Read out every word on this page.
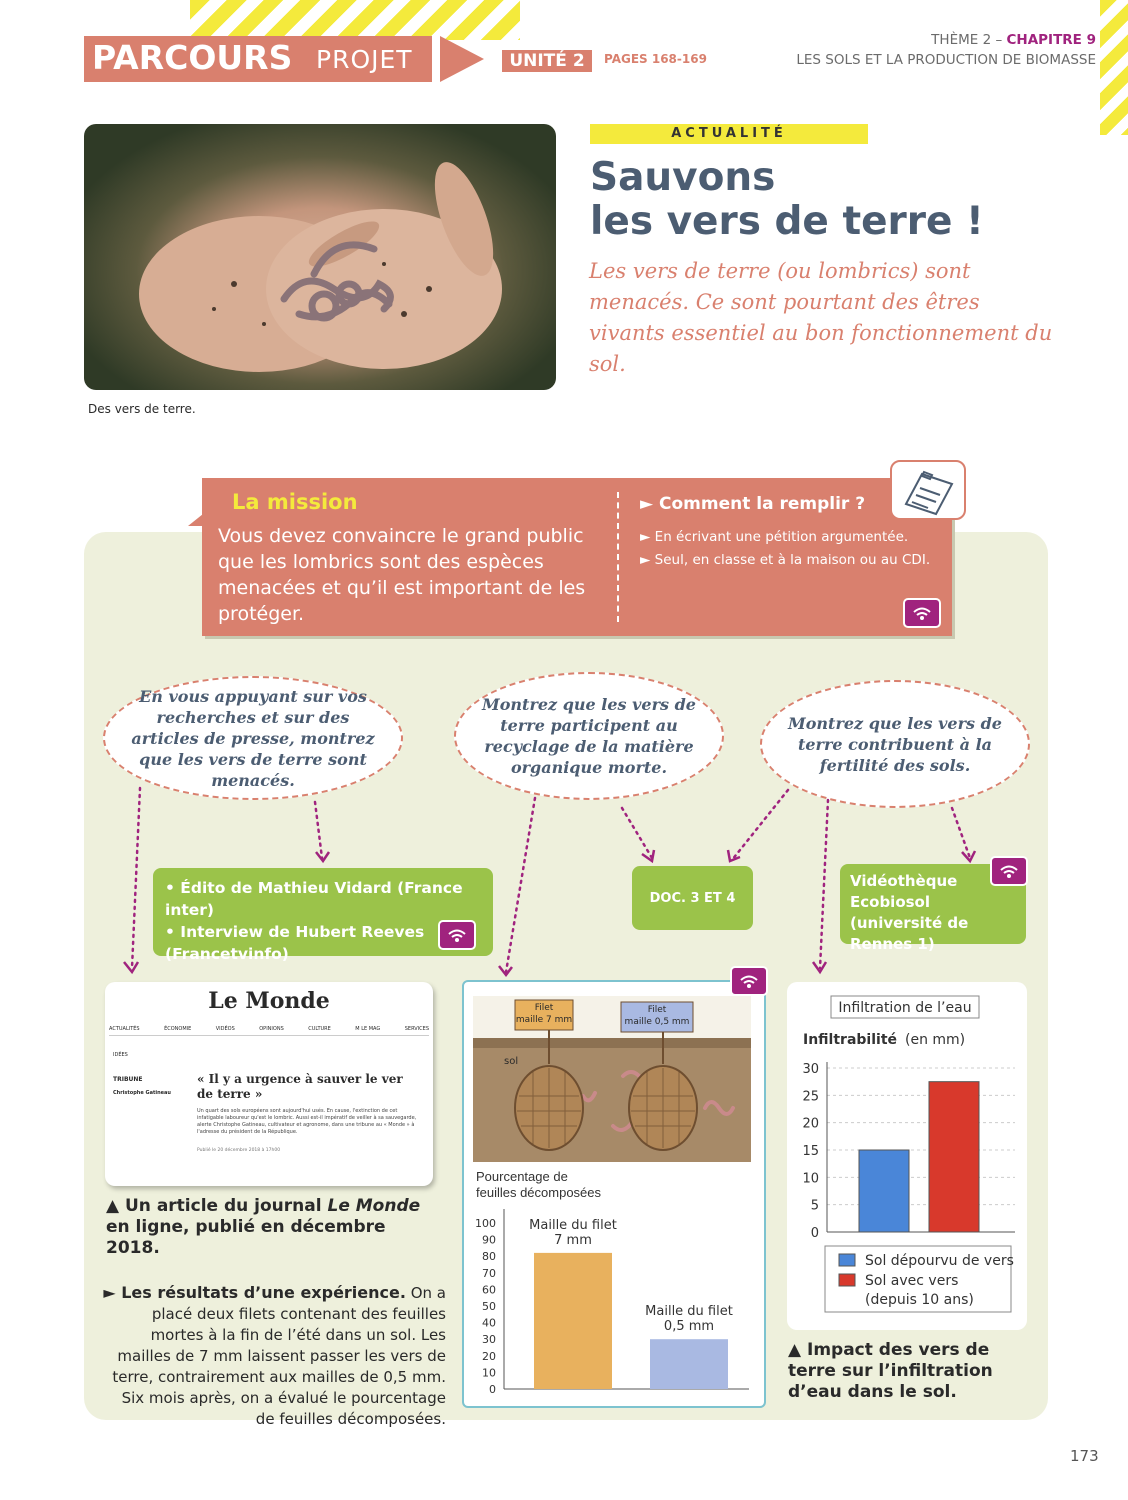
PARCOURS PROJET	UNITÉ 2	PAGES 168-169
THÈME 2 – CHAPITRE 9
LES SOLS ET LA PRODUCTION DE BIOMASSE
Des vers de terre.
ACTUALITÉ
Sauvons
les vers de terre !
Les vers de terre (ou lombrics) sont menacés. Ce sont pourtant des êtres vivants essentiel au bon fonctionnement du sol.
La mission
Vous devez convaincre le grand public que les lombrics sont des espèces menacées et qu’il est important de les protéger.
► Comment la remplir ?
► En écrivant une pétition argumentée.
► Seul, en classe et à la maison ou au CDI.
En vous appuyant sur vos recherches et sur des articles de presse, montrez que les vers de terre sont menacés.
Montrez que les vers de terre participent au recyclage de la matière organique morte.
Montrez que les vers de terre contribuent à la fertilité des sols.
• Édito de Mathieu Vidard (France inter)
• Interview de Hubert Reeves (Francetvinfo)
DOC. 3 ET 4
Vidéothèque Ecobiosol (université de Rennes 1)
Le Monde
ACTUALITÉS	ÉCONOMIE	VIDÉOS	OPINIONS	CULTURE	M LE MAG	SERVICES
IDÉES
TRIBUNE
Christophe Gatineau
« Il y a urgence à sauver le ver de terre »
Un quart des sols européens sont aujourd'hui usés. En cause, l'extinction de cet infatigable laboureur qu'est le lombric. Aussi est-il impératif de veiller à sa sauvegarde, alerte Christophe Gatineau, cultivateur et agronome, dans une tribune au « Monde » à l'adresse du président de la République.
Publié le 20 décembre 2018 à 17h00
▲ Un article du journal Le Monde en ligne, publié en décembre 2018.
► Les résultats d’une expérience. On a placé deux filets contenant des feuilles mortes à la fin de l’été dans un sol. Les mailles de 7 mm laissent passer les vers de terre, contrairement aux mailles de 0,5 mm. Six mois après, on a évalué le pourcentage de feuilles décomposées.
Filet
maille 7 mm
Filet
maille 0,5 mm
sol
Pourcentage de
feuilles décomposées
0
10
20
30
40
50
60
70
80
90
100	Maille du filet
7 mm
Maille du filet
0,5 mm
Infiltration de l’eau
Infiltrabilité (en mm)
0
5
10
15
20
25
30
Sol dépourvu de vers
Sol avec vers
(depuis 10 ans)
▲ Impact des vers de terre sur l’infiltration d’eau dans le sol.
173
